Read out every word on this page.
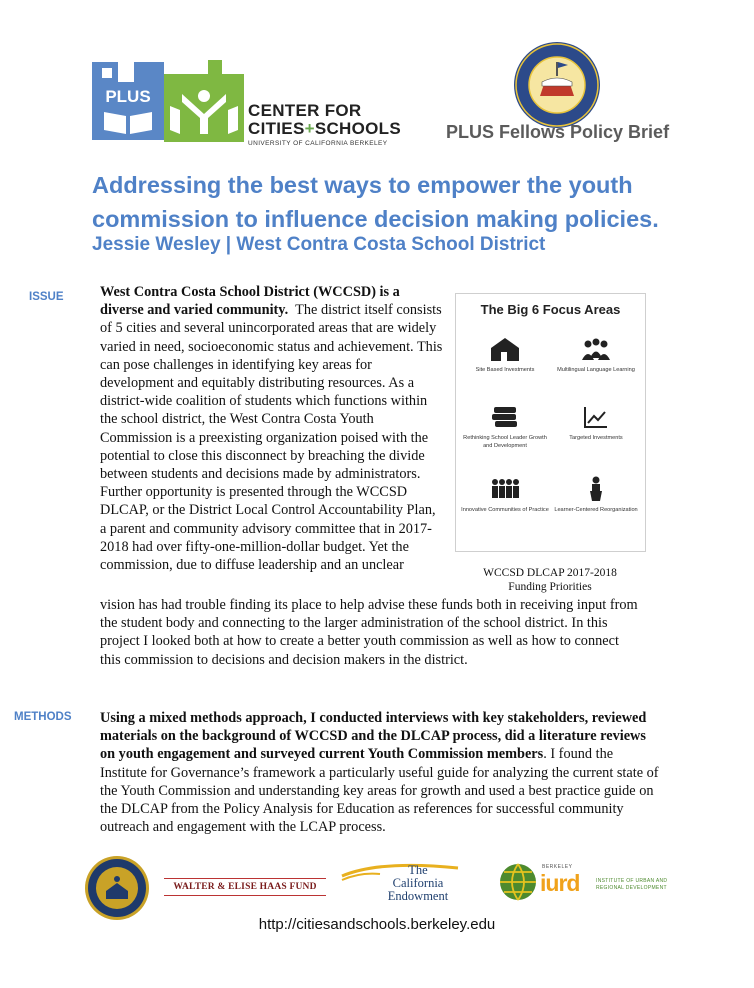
PLUS
CENTER FOR
CITIES+SCHOOLS
UNIVERSITY OF CALIFORNIA BERKELEY
PLUS Fellows Policy Brief
Addressing the best ways to empower the youth commission to influence decision making policies.
Jessie Wesley | West Contra Costa School District
ISSUE	West Contra Costa School District (WCCSD) is a diverse and varied community. The district itself consists of 5 cities and several unincorporated areas that are widely varied in need, socioeconomic status and achievement. This can pose challenges in identifying key areas for development and equitably distributing resources. As a district-wide coalition of students which functions within the school district, the West Contra Costa Youth Commission is a preexisting organization poised with the potential to close this disconnect by breaching the divide between students and decisions made by administrators. Further opportunity is presented through the WCCSD DLCAP, or the District Local Control Accountability Plan, a parent and community advisory committee that in 2017-2018 had over fifty-one-million-dollar budget. Yet the commission, due to diffuse leadership and an unclear
vision has had trouble finding its place to help advise these funds both in receiving input from the student body and connecting to the larger administration of the school district. In this project I looked both at how to create a better youth commission as well as how to connect this commission to decisions and decision makers in the district.
The Big 6 Focus Areas
Site Based Investments	Multilingual Language Learning
Rethinking School Leader Growth and Development
Targeted Investments
Innovative Communities of Practice Learner-Centered Reorganization
WCCSD DLCAP 2017-2018
Funding Priorities
METHODS Using a mixed methods approach, I conducted interviews with key stakeholders, reviewed materials on the background of WCCSD and the DLCAP process, did a literature reviews on youth engagement and surveyed current Youth Commission members. I found the Institute for Governance’s framework a particularly useful guide for analyzing the current state of the Youth Commission and understanding key areas for growth and used a best practice guide on the DLCAP from the Policy Analysis for Education as references for successful community outreach and engagement with the LCAP process.
WALTER & ELISE HAAS FUND
The
California
Endowment
BERKELEY
iurd	INSTITUTE OF URBAN AND REGIONAL DEVELOPMENT
http://citiesandschools.berkeley.edu
